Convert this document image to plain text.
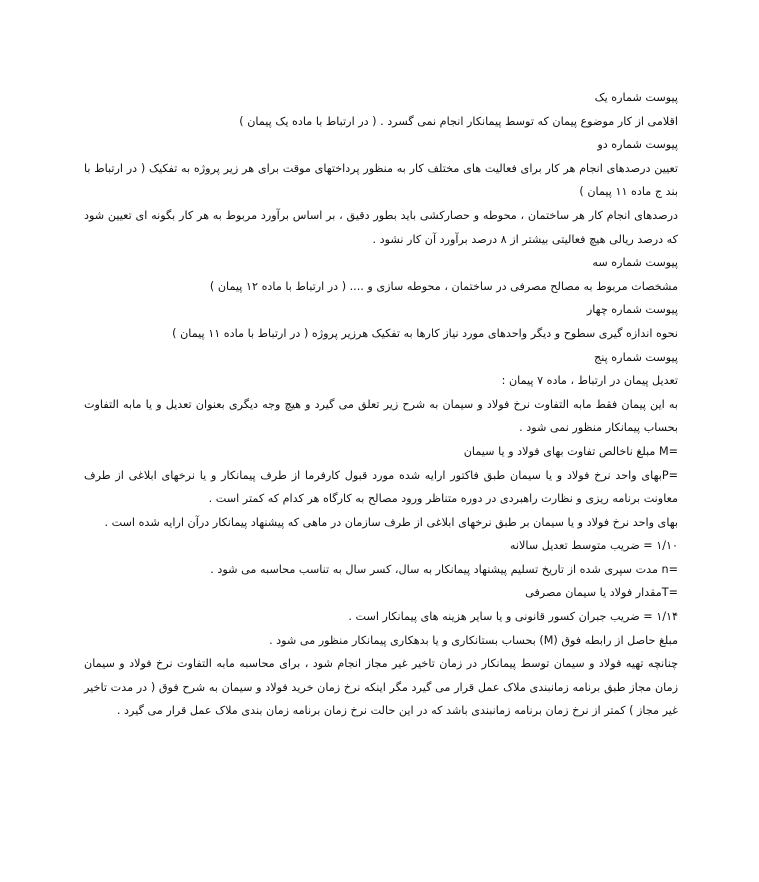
پیوست شماره یک

اقلامی از کار موضوع پیمان که توسط پیمانکار انجام نمی گسرد . ( در ارتباط با ماده یک پیمان )

پیوست شماره دو

تعیین درصدهای انجام هر کار برای فعالیت های مختلف کار به منظور پرداختهای موقت برای هر زیر پروژه به تفکیک ( در ارتباط با بند ج ماده ۱۱ پیمان )

درصدهای انجام کار هر ساختمان ، محوطه و حصارکشی باید بطور دقیق ، بر اساس برآورد مربوط به هر کار بگونه ای تعیین شود که درصد ریالی هیچ فعالیتی بیشتر از ۸ درصد برآورد آن کار نشود .

پیوست شماره سه

مشخصات مربوط به مصالح مصرفی در ساختمان ، محوطه سازی و .... ( در ارتباط با ماده ۱۲ پیمان )

پیوست شماره چهار

نحوه اندازه گیری سطوح و دیگر واحدهای مورد نیاز کارها به تفکیک هرزیر پروژه ( در ارتباط با ماده ۱۱ پیمان )

پیوست شماره پنج

تعدیل پیمان در ارتباط ، ماده ۷ پیمان :

به این پیمان فقط مابه التفاوت نرخ فولاد و سیمان به شرح زیر تعلق می گیرد و هیچ وجه دیگری بعنوان تعدیل و یا مابه التفاوت بحساب پیمانکار منظور نمی شود .

=M مبلغ ناخالص تفاوت بهای فولاد و یا سیمان

=Pبهای واحد نرخ فولاد و یا سیمان طبق فاکتور ارایه شده مورد قبول کارفرما از طرف پیمانکار و یا نرخهای ابلاغی از طرف معاونت برنامه ریزی و نظارت راهبردی در دوره متناظر ورود مصالح به کارگاه هر کدام که کمتر است .

بهای واحد نرخ فولاد و یا سیمان بر طبق نرخهای ابلاغی از طرف سازمان در ماهی که پیشنهاد پیمانکار درآن ارایه شده است .

۱/۱۰ = ضریب متوسط تعدیل سالانه

=n مدت سپری شده از تاریخ تسلیم پیشنهاد پیمانکار به سال، کسر سال به تناسب محاسبه می شود .

=Tمقدار فولاد یا سیمان مصرفی

۱/۱۴ = ضریب جبران کسور قانونی و یا سایر هزینه های پیمانکار است .

مبلغ حاصل از رابطه فوق (M) بحساب بستانکاری و یا بدهکاری پیمانکار منظور می شود .

چنانچه تهیه فولاد و سیمان توسط پیمانکار در زمان تاخیر غیر مجاز انجام شود ، برای محاسبه مابه التفاوت نرخ فولاد و سیمان زمان مجاز طبق برنامه زمانبندی ملاک عمل قرار می گیرد مگر اینکه نرخ زمان خرید فولاد و سیمان به شرح فوق ( در مدت تاخیر غیر مجاز ) کمتر از نرخ زمان برنامه زمانبندی باشد که در این حالت نرخ زمان برنامه زمان بندی ملاک عمل قرار می گیرد .
